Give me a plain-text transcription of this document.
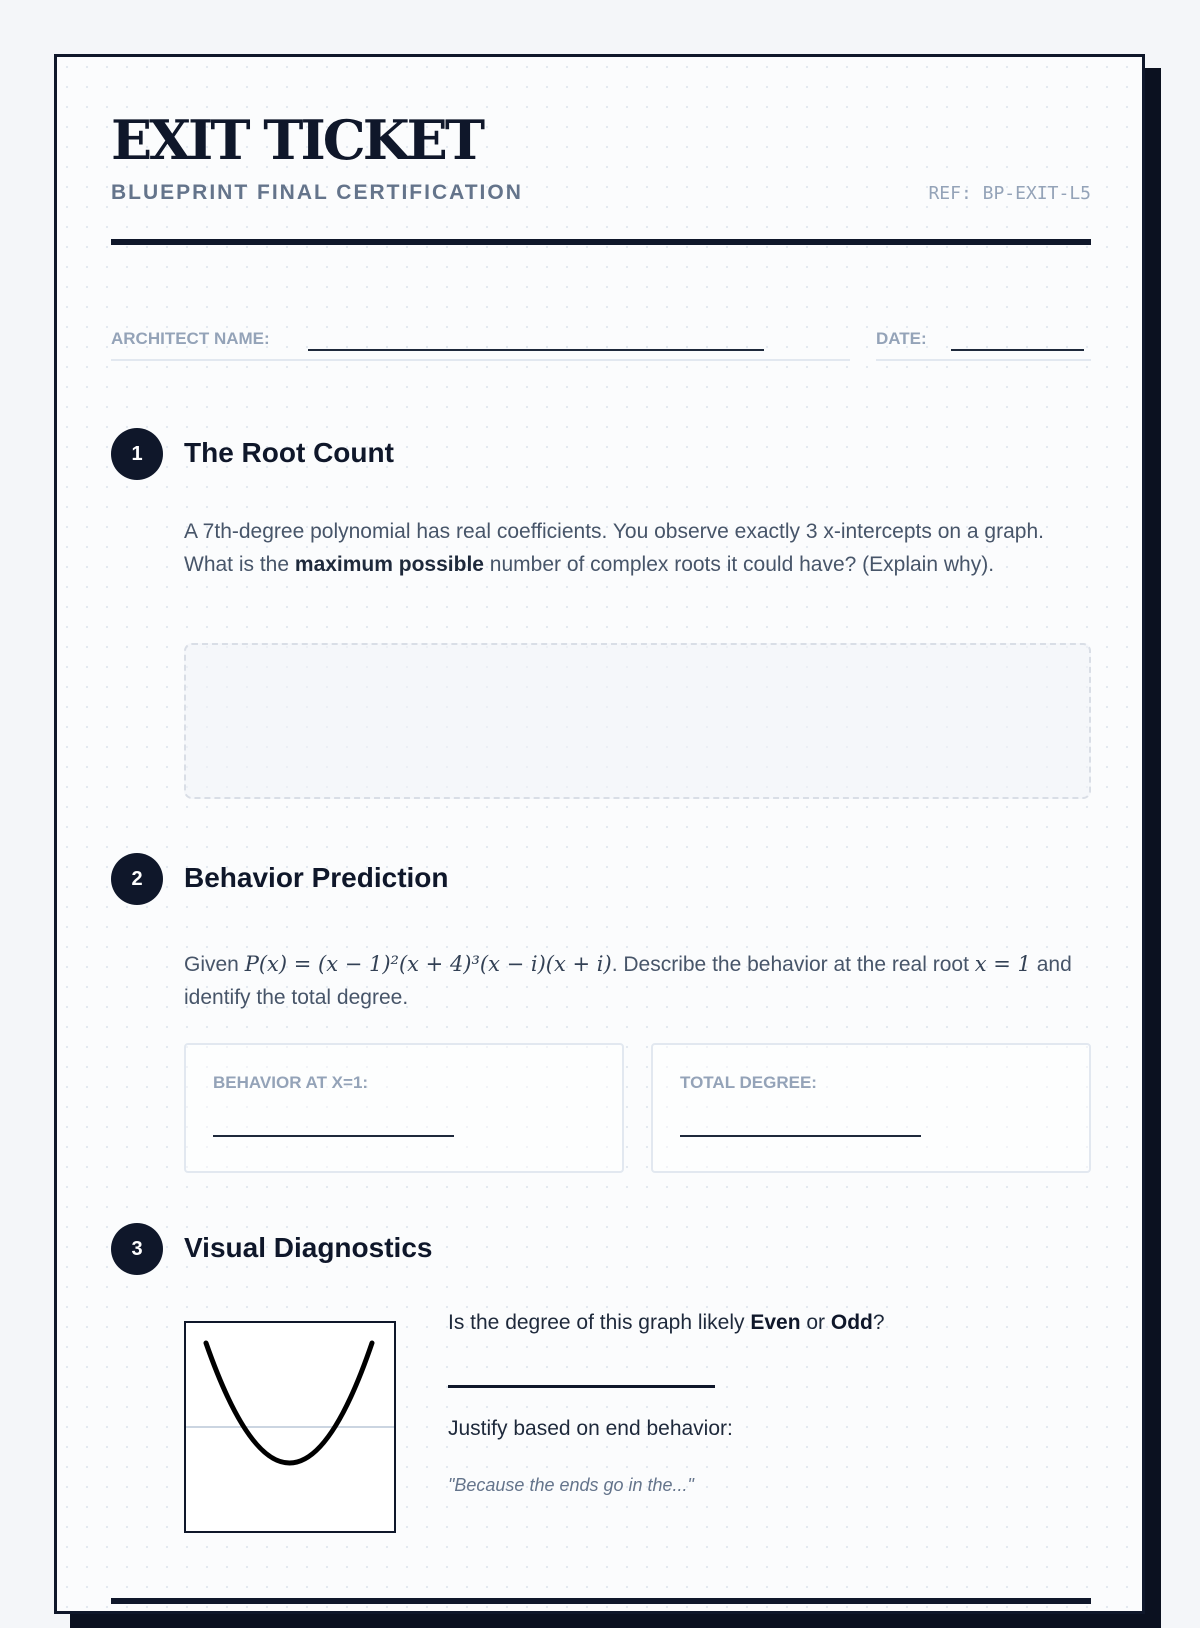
EXIT TICKET
BLUEPRINT FINAL CERTIFICATION	REF: BP-EXIT-L5
ARCHITECT NAME:	DATE:
1	The Root Count
A 7th-degree polynomial has real coefficients. You observe exactly 3 x-intercepts on a graph. What is the maximum possible number of complex roots it could have? (Explain why).
2	Behavior Prediction
Given P(x) = (x − 1)²(x + 4)³(x − i)(x + i). Describe the behavior at the real root x = 1 and identify the total degree.
BEHAVIOR AT X=1:	TOTAL DEGREE:
3	Visual Diagnostics
Is the degree of this graph likely Even or Odd?
Justify based on end behavior:
"Because the ends go in the..."
